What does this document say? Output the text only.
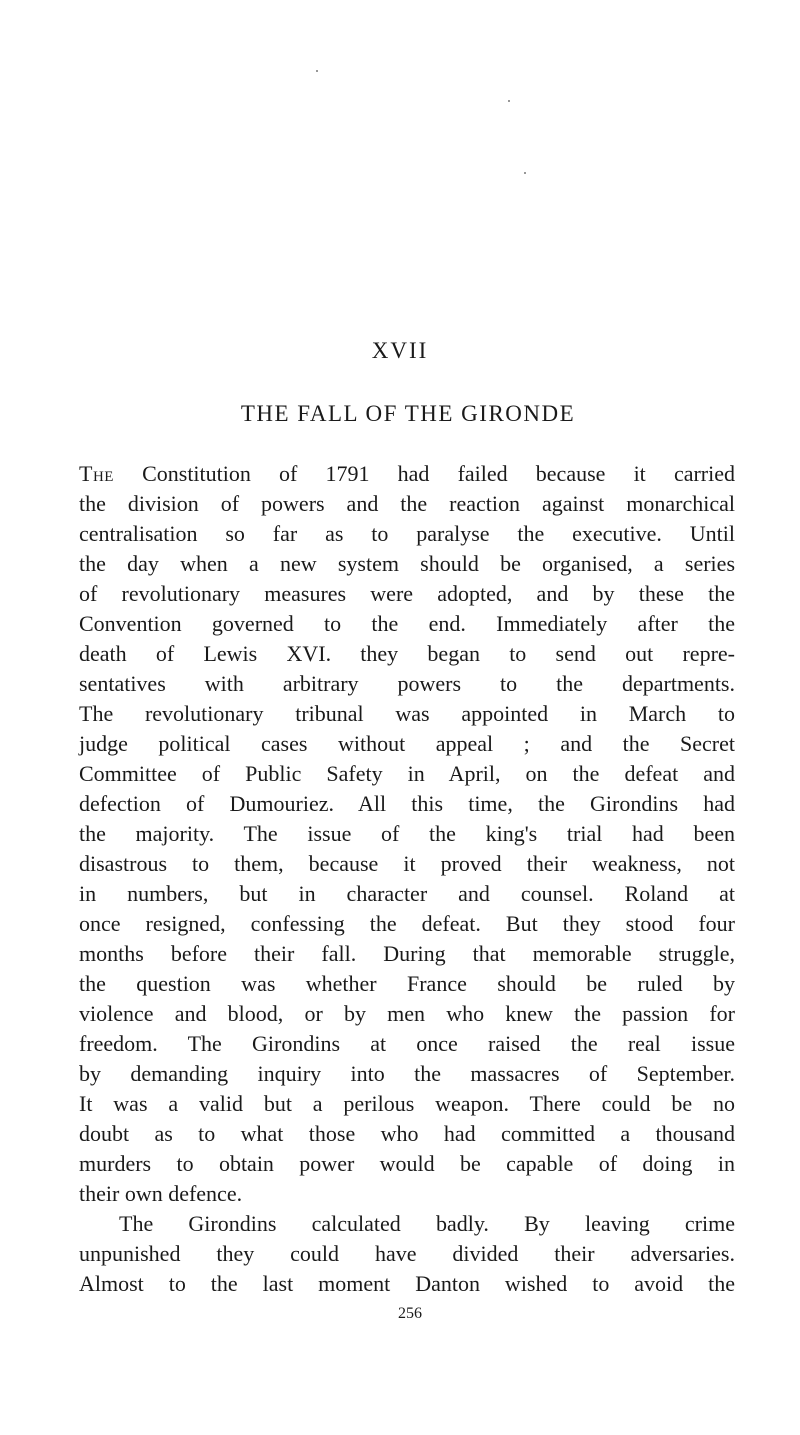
XVII
THE FALL OF THE GIRONDE

The Constitution of 1791 had failed because it carried
the division of powers and the reaction against monarchical
centralisation so far as to paralyse the executive. Until
the day when a new system should be organised, a series
of revolutionary measures were adopted, and by these the
Convention governed to the end. Immediately after the
death of Lewis XVI. they began to send out repre-
sentatives with arbitrary powers to the departments.
The revolutionary tribunal was appointed in March to
judge political cases without appeal ; and the Secret
Committee of Public Safety in April, on the defeat and
defection of Dumouriez. All this time, the Girondins had
the majority. The issue of the king's trial had been
disastrous to them, because it proved their weakness, not
in numbers, but in character and counsel. Roland at
once resigned, confessing the defeat. But they stood four
months before their fall. During that memorable struggle,
the question was whether France should be ruled by
violence and blood, or by men who knew the passion for
freedom. The Girondins at once raised the real issue
by demanding inquiry into the massacres of September.
It was a valid but a perilous weapon. There could be no
doubt as to what those who had committed a thousand
murders to obtain power would be capable of doing in
their own defence.

The Girondins calculated badly. By leaving crime
unpunished they could have divided their adversaries.
Almost to the last moment Danton wished to avoid the

256
